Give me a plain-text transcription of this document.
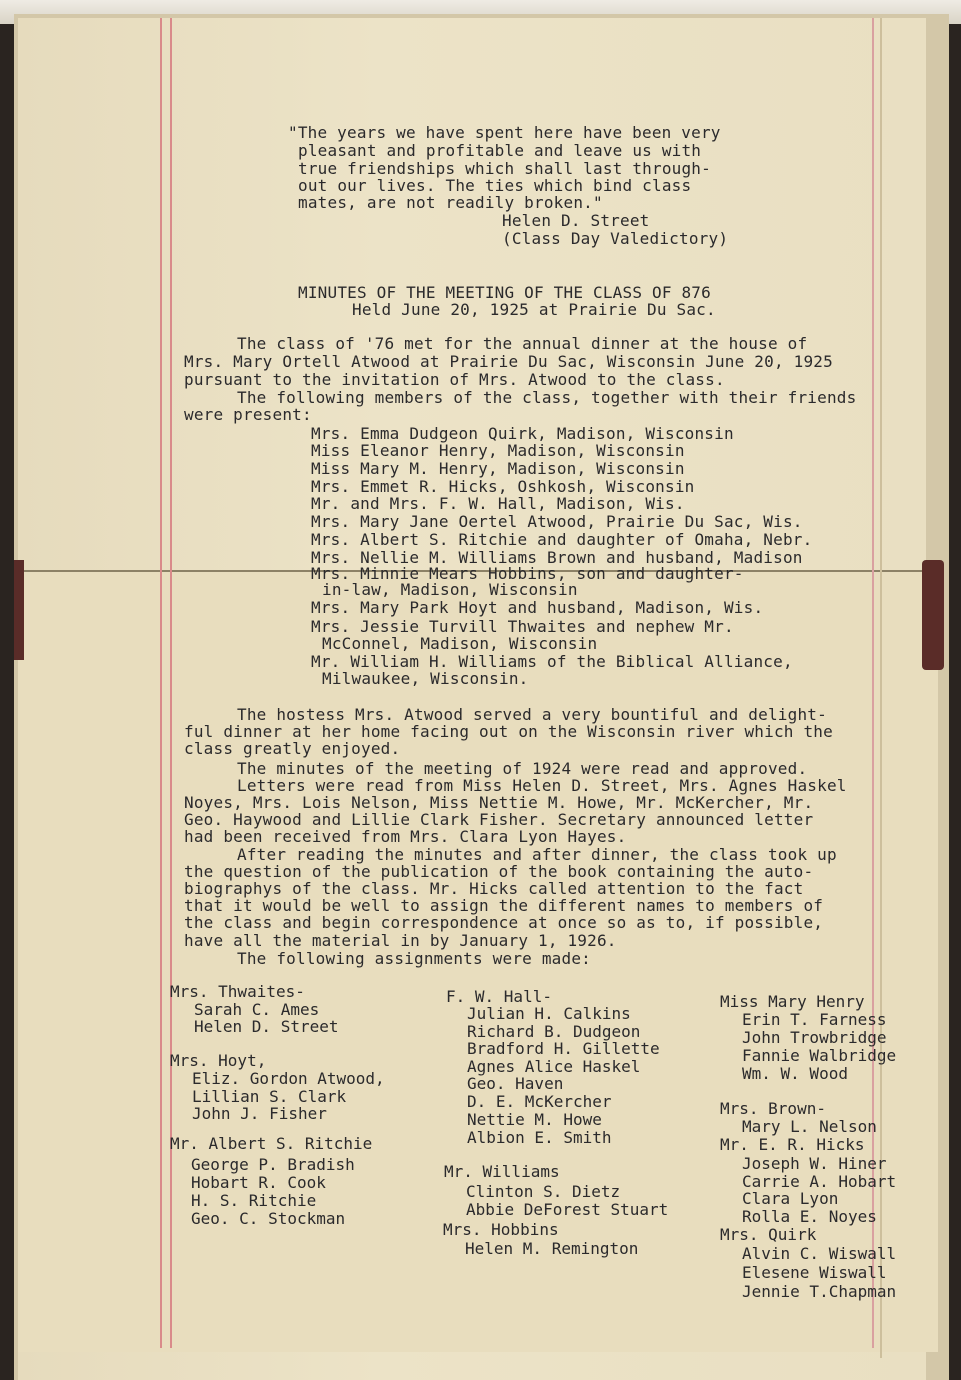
"The years we have spent here have been very
pleasant and profitable and leave us with
true friendships which shall last through-
out our lives. The ties which bind class
mates, are not readily broken."
Helen D. Street
(Class Day Valedictory)
MINUTES OF THE MEETING OF THE CLASS OF 876
Held June 20, 1925 at Prairie Du Sac.
The class of '76 met for the annual dinner at the house of
Mrs. Mary Ortell Atwood at Prairie Du Sac, Wisconsin June 20, 1925
pursuant to the invitation of Mrs. Atwood to the class.
The following members of the class, together with their friends
were present:
Mrs. Emma Dudgeon Quirk, Madison, Wisconsin
Miss Eleanor Henry, Madison, Wisconsin
Miss Mary M. Henry, Madison, Wisconsin
Mrs. Emmet R. Hicks, Oshkosh, Wisconsin
Mr. and Mrs. F. W. Hall, Madison, Wis.
Mrs. Mary Jane Oertel Atwood, Prairie Du Sac, Wis.
Mrs. Albert S. Ritchie and daughter of Omaha, Nebr.
Mrs. Nellie M. Williams Brown and husband, Madison
Mrs. Minnie Mears Hobbins, son and daughter-
in-law, Madison, Wisconsin
Mrs. Mary Park Hoyt and husband, Madison, Wis.
Mrs. Jessie Turvill Thwaites and nephew Mr.
McConnel, Madison, Wisconsin
Mr. William H. Williams of the Biblical Alliance,
Milwaukee, Wisconsin.
The hostess Mrs. Atwood served a very bountiful and delight-
ful dinner at her home facing out on the Wisconsin river which the
class greatly enjoyed.
The minutes of the meeting of 1924 were read and approved.
Letters were read from Miss Helen D. Street, Mrs. Agnes Haskel
Noyes, Mrs. Lois Nelson, Miss Nettie M. Howe, Mr. McKercher, Mr.
Geo. Haywood and Lillie Clark Fisher. Secretary announced letter
had been received from Mrs. Clara Lyon Hayes.
After reading the minutes and after dinner, the class took up
the question of the publication of the book containing the auto-
biographys of the class. Mr. Hicks called attention to the fact
that it would be well to assign the different names to members of
the class and begin correspondence at once so as to, if possible,
have all the material in by January 1, 1926.
The following assignments were made:
Mrs. Thwaites-
Sarah C. Ames
Helen D. Street
Mrs. Hoyt,
Eliz. Gordon Atwood,
Lillian S. Clark
John J. Fisher
Mr. Albert S. Ritchie
George P. Bradish
Hobart R. Cook
H. S. Ritchie
Geo. C. Stockman
F. W. Hall-
Julian H. Calkins
Richard B. Dudgeon
Bradford H. Gillette
Agnes Alice Haskel
Geo. Haven
D. E. McKercher
Nettie M. Howe
Albion E. Smith
Mr. Williams
Clinton S. Dietz
Abbie DeForest Stuart
Mrs. Hobbins
Helen M. Remington
Miss Mary Henry
Erin T. Farness
John Trowbridge
Fannie Walbridge
Wm. W. Wood
Mrs. Brown-
Mary L. Nelson
Mr. E. R. Hicks
Joseph W. Hiner
Carrie A. Hobart
Clara Lyon
Rolla E. Noyes
Mrs. Quirk
Alvin C. Wiswall
Elesene Wiswall
Jennie T.Chapman
